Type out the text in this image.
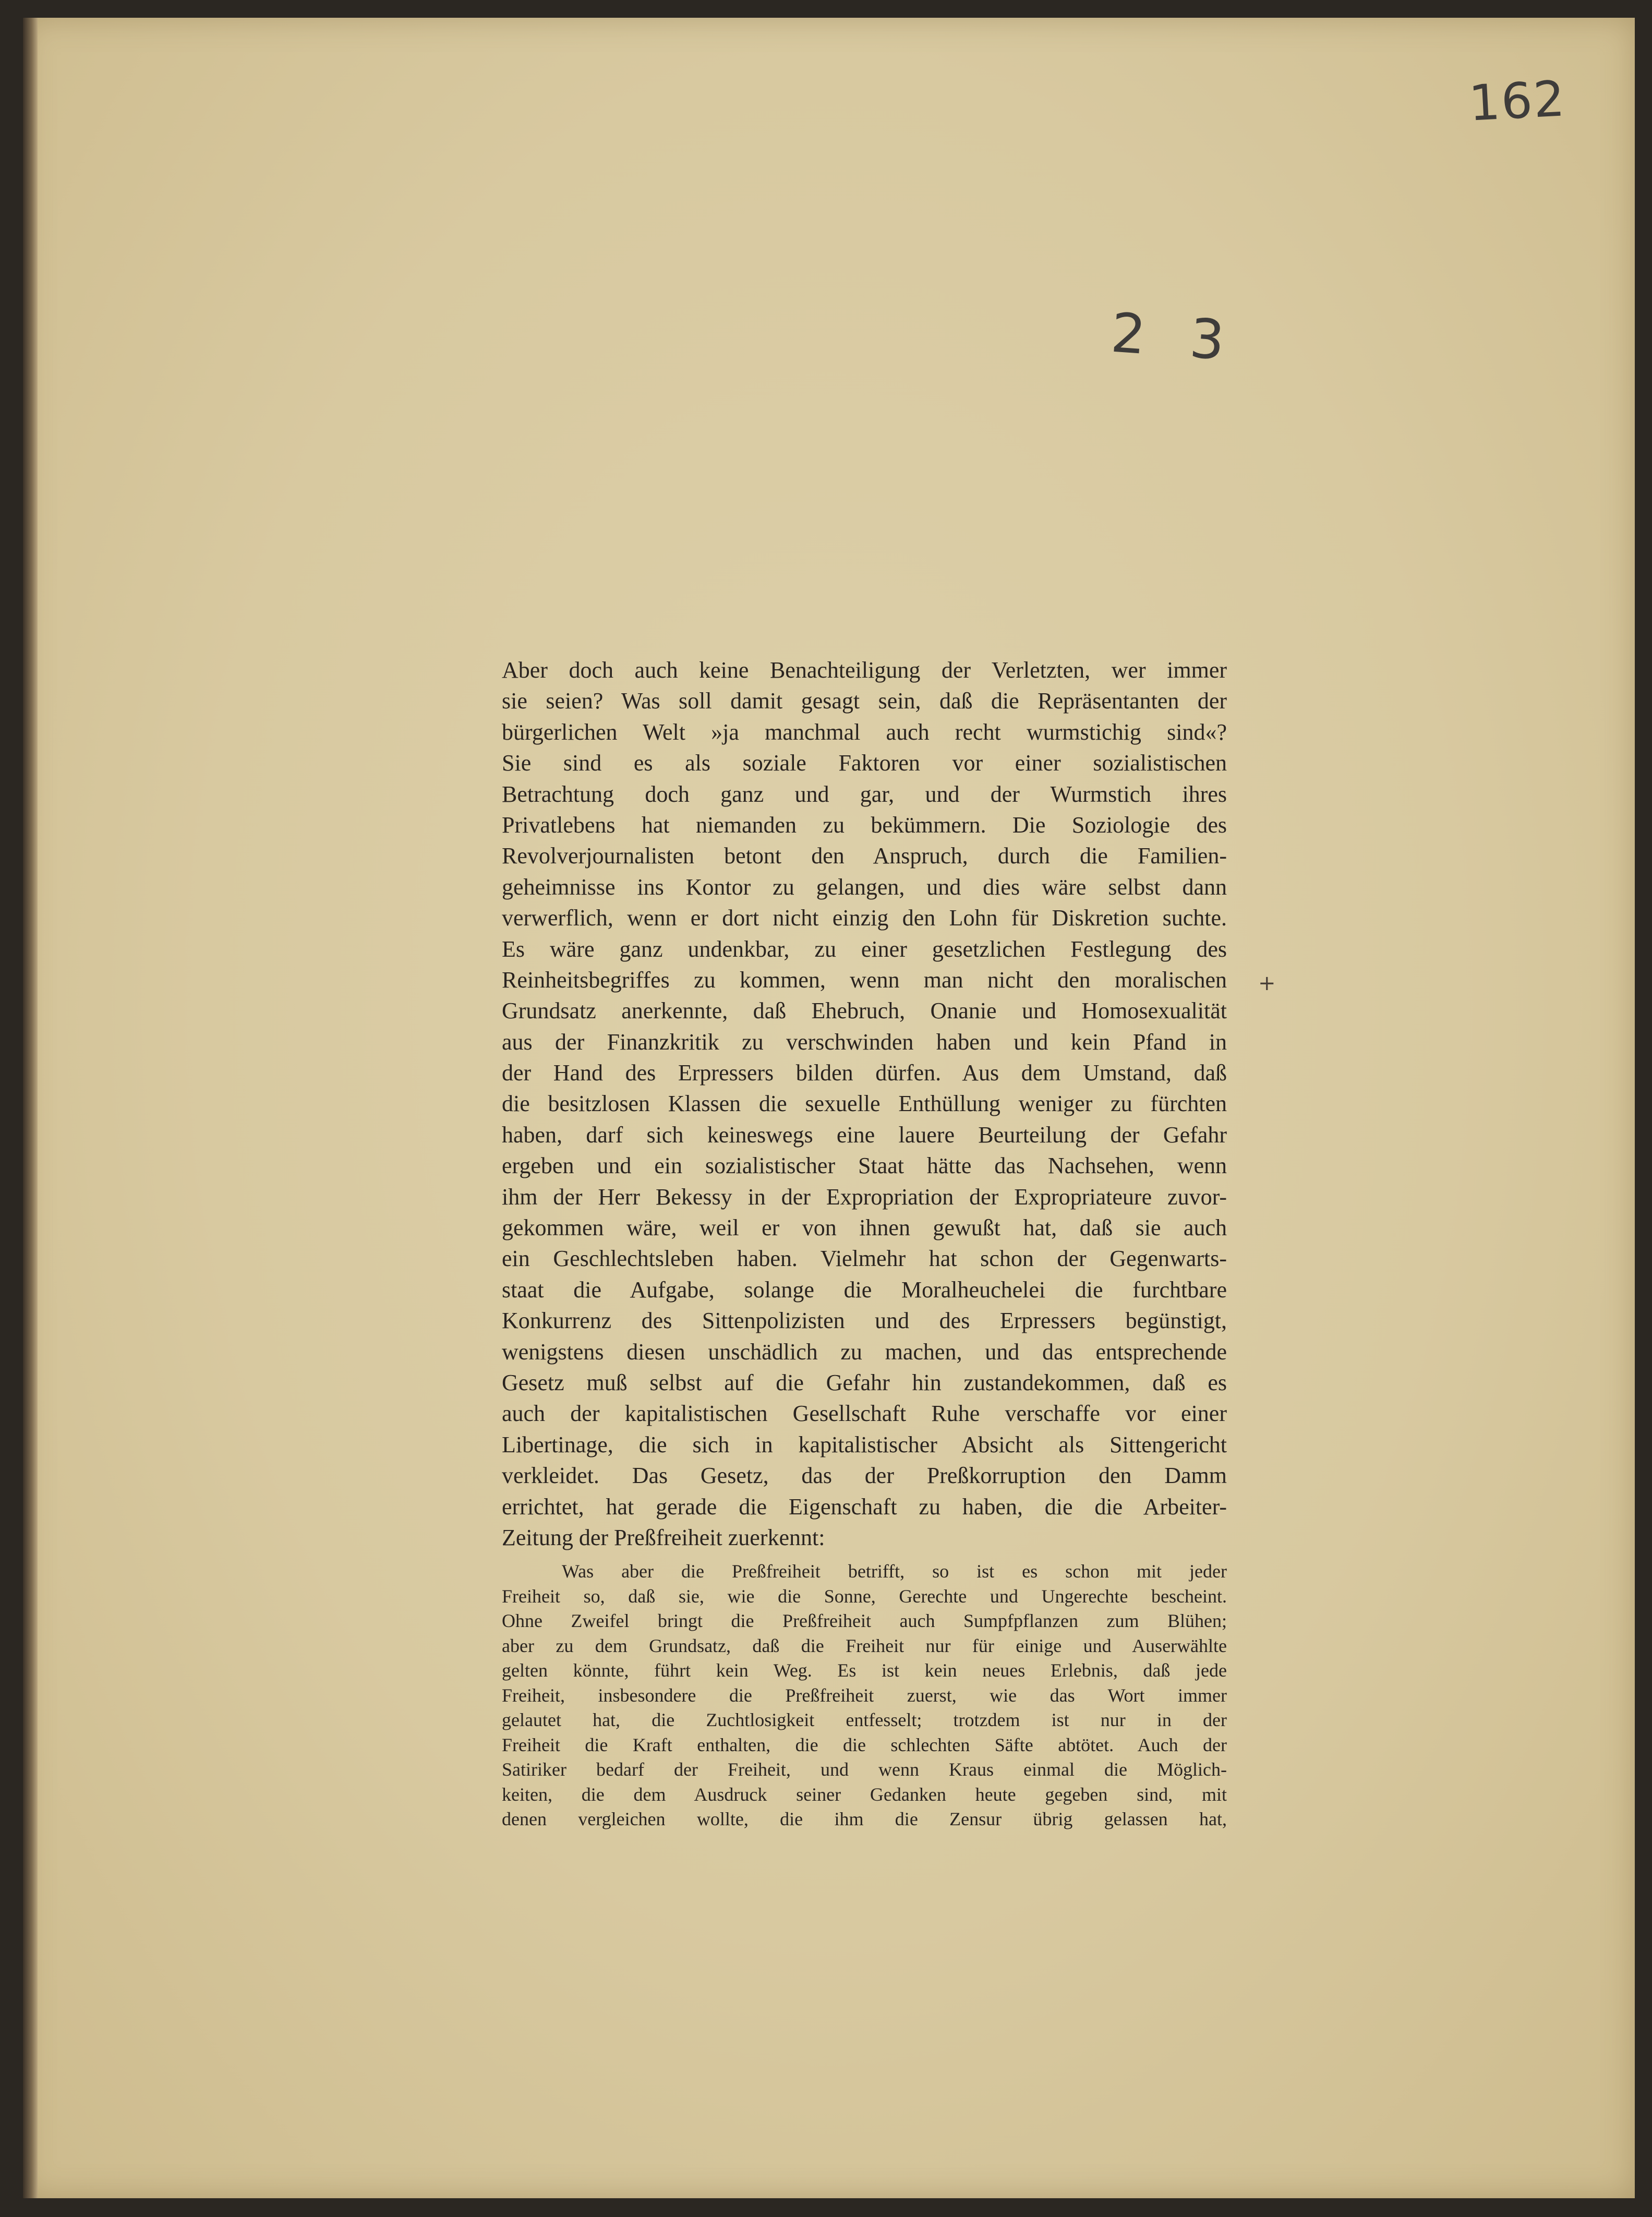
162
2 3
+
Aber doch auch keine Benachteiligung der Verletzten, wer immer
sie seien? Was soll damit gesagt sein, daß die Repräsentanten der
bürgerlichen Welt »ja manchmal auch recht wurmstichig sind«?
Sie sind es als soziale Faktoren vor einer sozialistischen
Betrachtung doch ganz und gar, und der Wurmstich ihres
Privatlebens hat niemanden zu bekümmern. Die Soziologie des
Revolverjournalisten betont den Anspruch, durch die Familien-
geheimnisse ins Kontor zu gelangen, und dies wäre selbst dann
verwerflich, wenn er dort nicht einzig den Lohn für Diskretion suchte.
Es wäre ganz undenkbar, zu einer gesetzlichen Festlegung des
Reinheitsbegriffes zu kommen, wenn man nicht den moralischen
Grundsatz anerkennte, daß Ehebruch, Onanie und Homosexualität
aus der Finanzkritik zu verschwinden haben und kein Pfand in
der Hand des Erpressers bilden dürfen. Aus dem Umstand, daß
die besitzlosen Klassen die sexuelle Enthüllung weniger zu fürchten
haben, darf sich keineswegs eine lauere Beurteilung der Gefahr
ergeben und ein sozialistischer Staat hätte das Nachsehen, wenn
ihm der Herr Bekessy in der Expropriation der Expropriateure zuvor-
gekommen wäre, weil er von ihnen gewußt hat, daß sie auch
ein Geschlechtsleben haben. Vielmehr hat schon der Gegenwarts-
staat die Aufgabe, solange die Moralheuchelei die furchtbare
Konkurrenz des Sittenpolizisten und des Erpressers begünstigt,
wenigstens diesen unschädlich zu machen, und das entsprechende
Gesetz muß selbst auf die Gefahr hin zustandekommen, daß es
auch der kapitalistischen Gesellschaft Ruhe verschaffe vor einer
Libertinage, die sich in kapitalistischer Absicht als Sittengericht
verkleidet. Das Gesetz, das der Preßkorruption den Damm
errichtet, hat gerade die Eigenschaft zu haben, die die Arbeiter-
Zeitung der Preßfreiheit zuerkennt:
Was aber die Preßfreiheit betrifft, so ist es schon mit jeder
Freiheit so, daß sie, wie die Sonne, Gerechte und Ungerechte bescheint.
Ohne Zweifel bringt die Preßfreiheit auch Sumpfpflanzen zum Blühen;
aber zu dem Grundsatz, daß die Freiheit nur für einige und Auserwählte
gelten könnte, führt kein Weg. Es ist kein neues Erlebnis, daß jede
Freiheit, insbesondere die Preßfreiheit zuerst, wie das Wort immer
gelautet hat, die Zuchtlosigkeit entfesselt; trotzdem ist nur in der
Freiheit die Kraft enthalten, die die schlechten Säfte abtötet. Auch der
Satiriker bedarf der Freiheit, und wenn Kraus einmal die Möglich-
keiten, die dem Ausdruck seiner Gedanken heute gegeben sind, mit
denen vergleichen wollte, die ihm die Zensur übrig gelassen hat,
